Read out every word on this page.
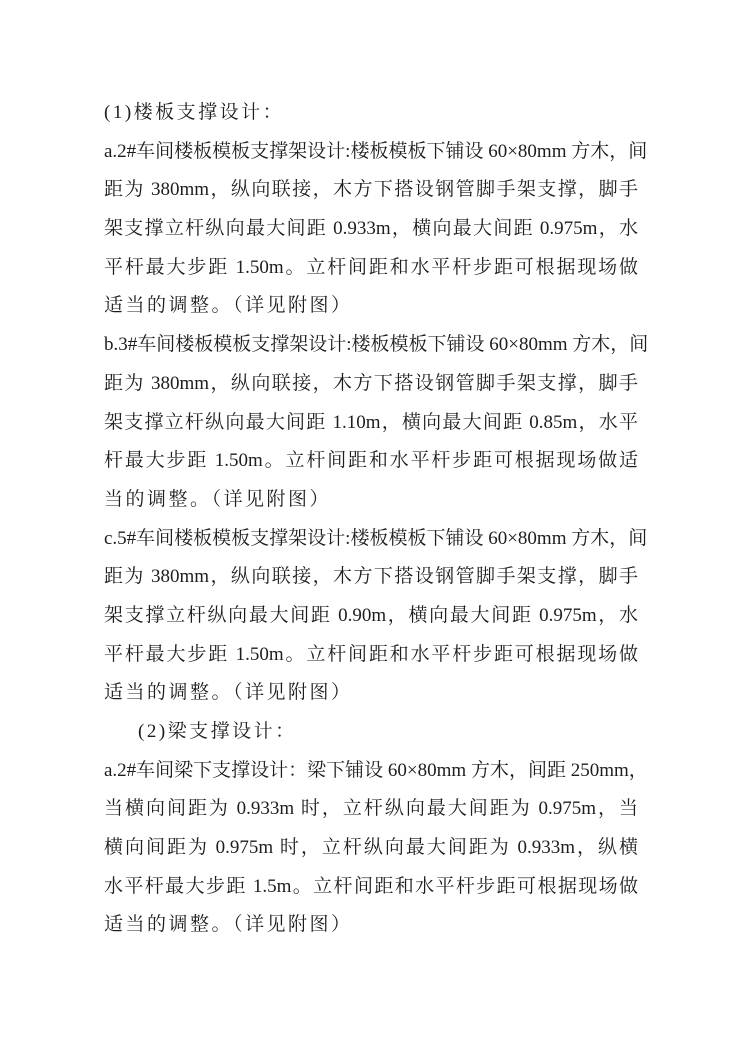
(1)楼板支撑设计：
a.2#车间楼板模板支撑架设计:楼板模板下铺设 60×80mm 方木，间
距为 380mm，纵向联接，木方下搭设钢管脚手架支撑，脚手
架支撑立杆纵向最大间距 0.933m，横向最大间距 0.975m，水
平杆最大步距 1.50m。立杆间距和水平杆步距可根据现场做
适当的调整。（详见附图）
b.3#车间楼板模板支撑架设计:楼板模板下铺设 60×80mm 方木，间
距为 380mm，纵向联接，木方下搭设钢管脚手架支撑，脚手
架支撑立杆纵向最大间距 1.10m，横向最大间距 0.85m，水平
杆最大步距 1.50m。立杆间距和水平杆步距可根据现场做适
当的调整。（详见附图）
c.5#车间楼板模板支撑架设计:楼板模板下铺设 60×80mm 方木，间
距为 380mm，纵向联接，木方下搭设钢管脚手架支撑，脚手
架支撑立杆纵向最大间距 0.90m，横向最大间距 0.975m，水
平杆最大步距 1.50m。立杆间距和水平杆步距可根据现场做
适当的调整。（详见附图）
(2)梁支撑设计：
a.2#车间梁下支撑设计：梁下铺设 60×80mm 方木，间距 250mm，
当横向间距为 0.933m 时，立杆纵向最大间距为 0.975m，当
横向间距为 0.975m 时，立杆纵向最大间距为 0.933m，纵横
水平杆最大步距 1.5m。立杆间距和水平杆步距可根据现场做
适当的调整。（详见附图）
